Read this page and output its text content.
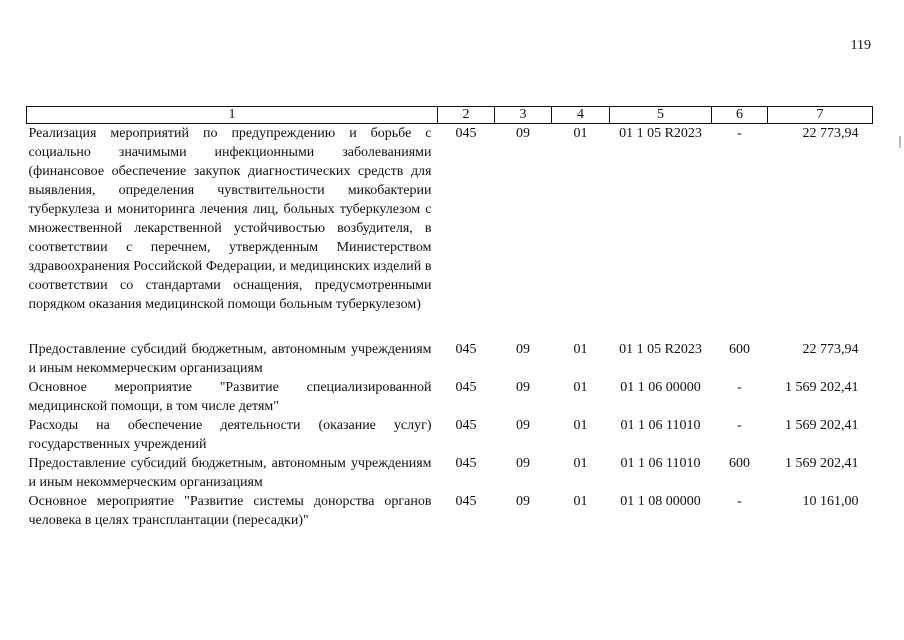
119
1	2	3	4	5	6	7
Реализация мероприятий по предупреждению и борьбе с социально значимыми инфекционными заболеваниями (финансовое обеспечение закупок диагностических средств для выявления, определения чувствительности микобактерии туберкулеза и мониторинга лечения лиц, больных туберкулезом с множественной лекарственной устойчивостью возбудителя, в соответствии с перечнем, утвержденным Министерством здравоохранения Российской Федерации, и медицинских изделий в соответствии со стандартами оснащения, предусмотренными порядком оказания медицинской помощи больным туберкулезом)	045	09	01	01 1 05 R2023	-	22 773,94
Предоставление субсидий бюджетным, автономным учреждениям и иным некоммерческим организациям	045	09	01	01 1 05 R2023	600	22 773,94
Основное мероприятие "Развитие специализированной медицинской помощи, в том числе детям"	045	09	01	01 1 06 00000	-	1 569 202,41
Расходы на обеспечение деятельности (оказание услуг) государственных учреждений	045	09	01	01 1 06 11010	-	1 569 202,41
Предоставление субсидий бюджетным, автономным учреждениям и иным некоммерческим организациям	045	09	01	01 1 06 11010	600	1 569 202,41
Основное мероприятие "Развитие системы донорства органов человека в целях трансплантации (пересадки)"	045	09	01	01 1 08 00000	-	10 161,00
